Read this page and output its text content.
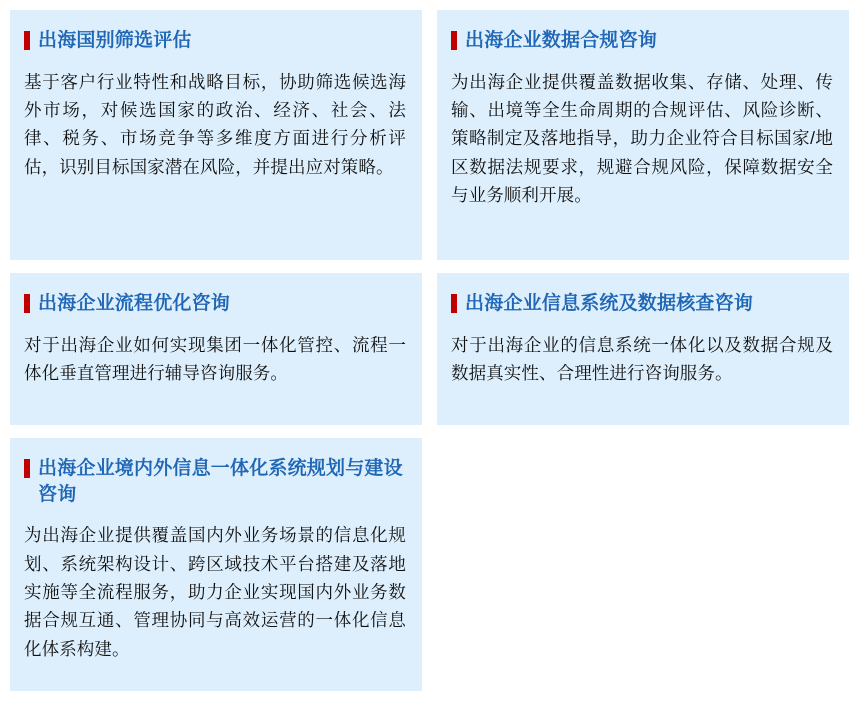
出海国别筛选评估
基于客户行业特性和战略目标，协助筛选候选海外市场，对候选国家的政治、经济、社会、法律、税务、市场竞争等多维度方面进行分析评估，识别目标国家潜在风险，并提出应对策略。
出海企业数据合规咨询
为出海企业提供覆盖数据收集、存储、处理、传输、出境等全生命周期的合规评估、风险诊断、策略制定及落地指导，助力企业符合目标国家/地区数据法规要求，规避合规风险，保障数据安全与业务顺利开展。
出海企业流程优化咨询
对于出海企业如何实现集团一体化管控、流程一体化垂直管理进行辅导咨询服务。
出海企业信息系统及数据核查咨询
对于出海企业的信息系统一体化以及数据合规及数据真实性、合理性进行咨询服务。
出海企业境内外信息一体化系统规划与建设咨询
为出海企业提供覆盖国内外业务场景的信息化规划、系统架构设计、跨区域技术平台搭建及落地实施等全流程服务，助力企业实现国内外业务数据合规互通、管理协同与高效运营的一体化信息化体系构建。
